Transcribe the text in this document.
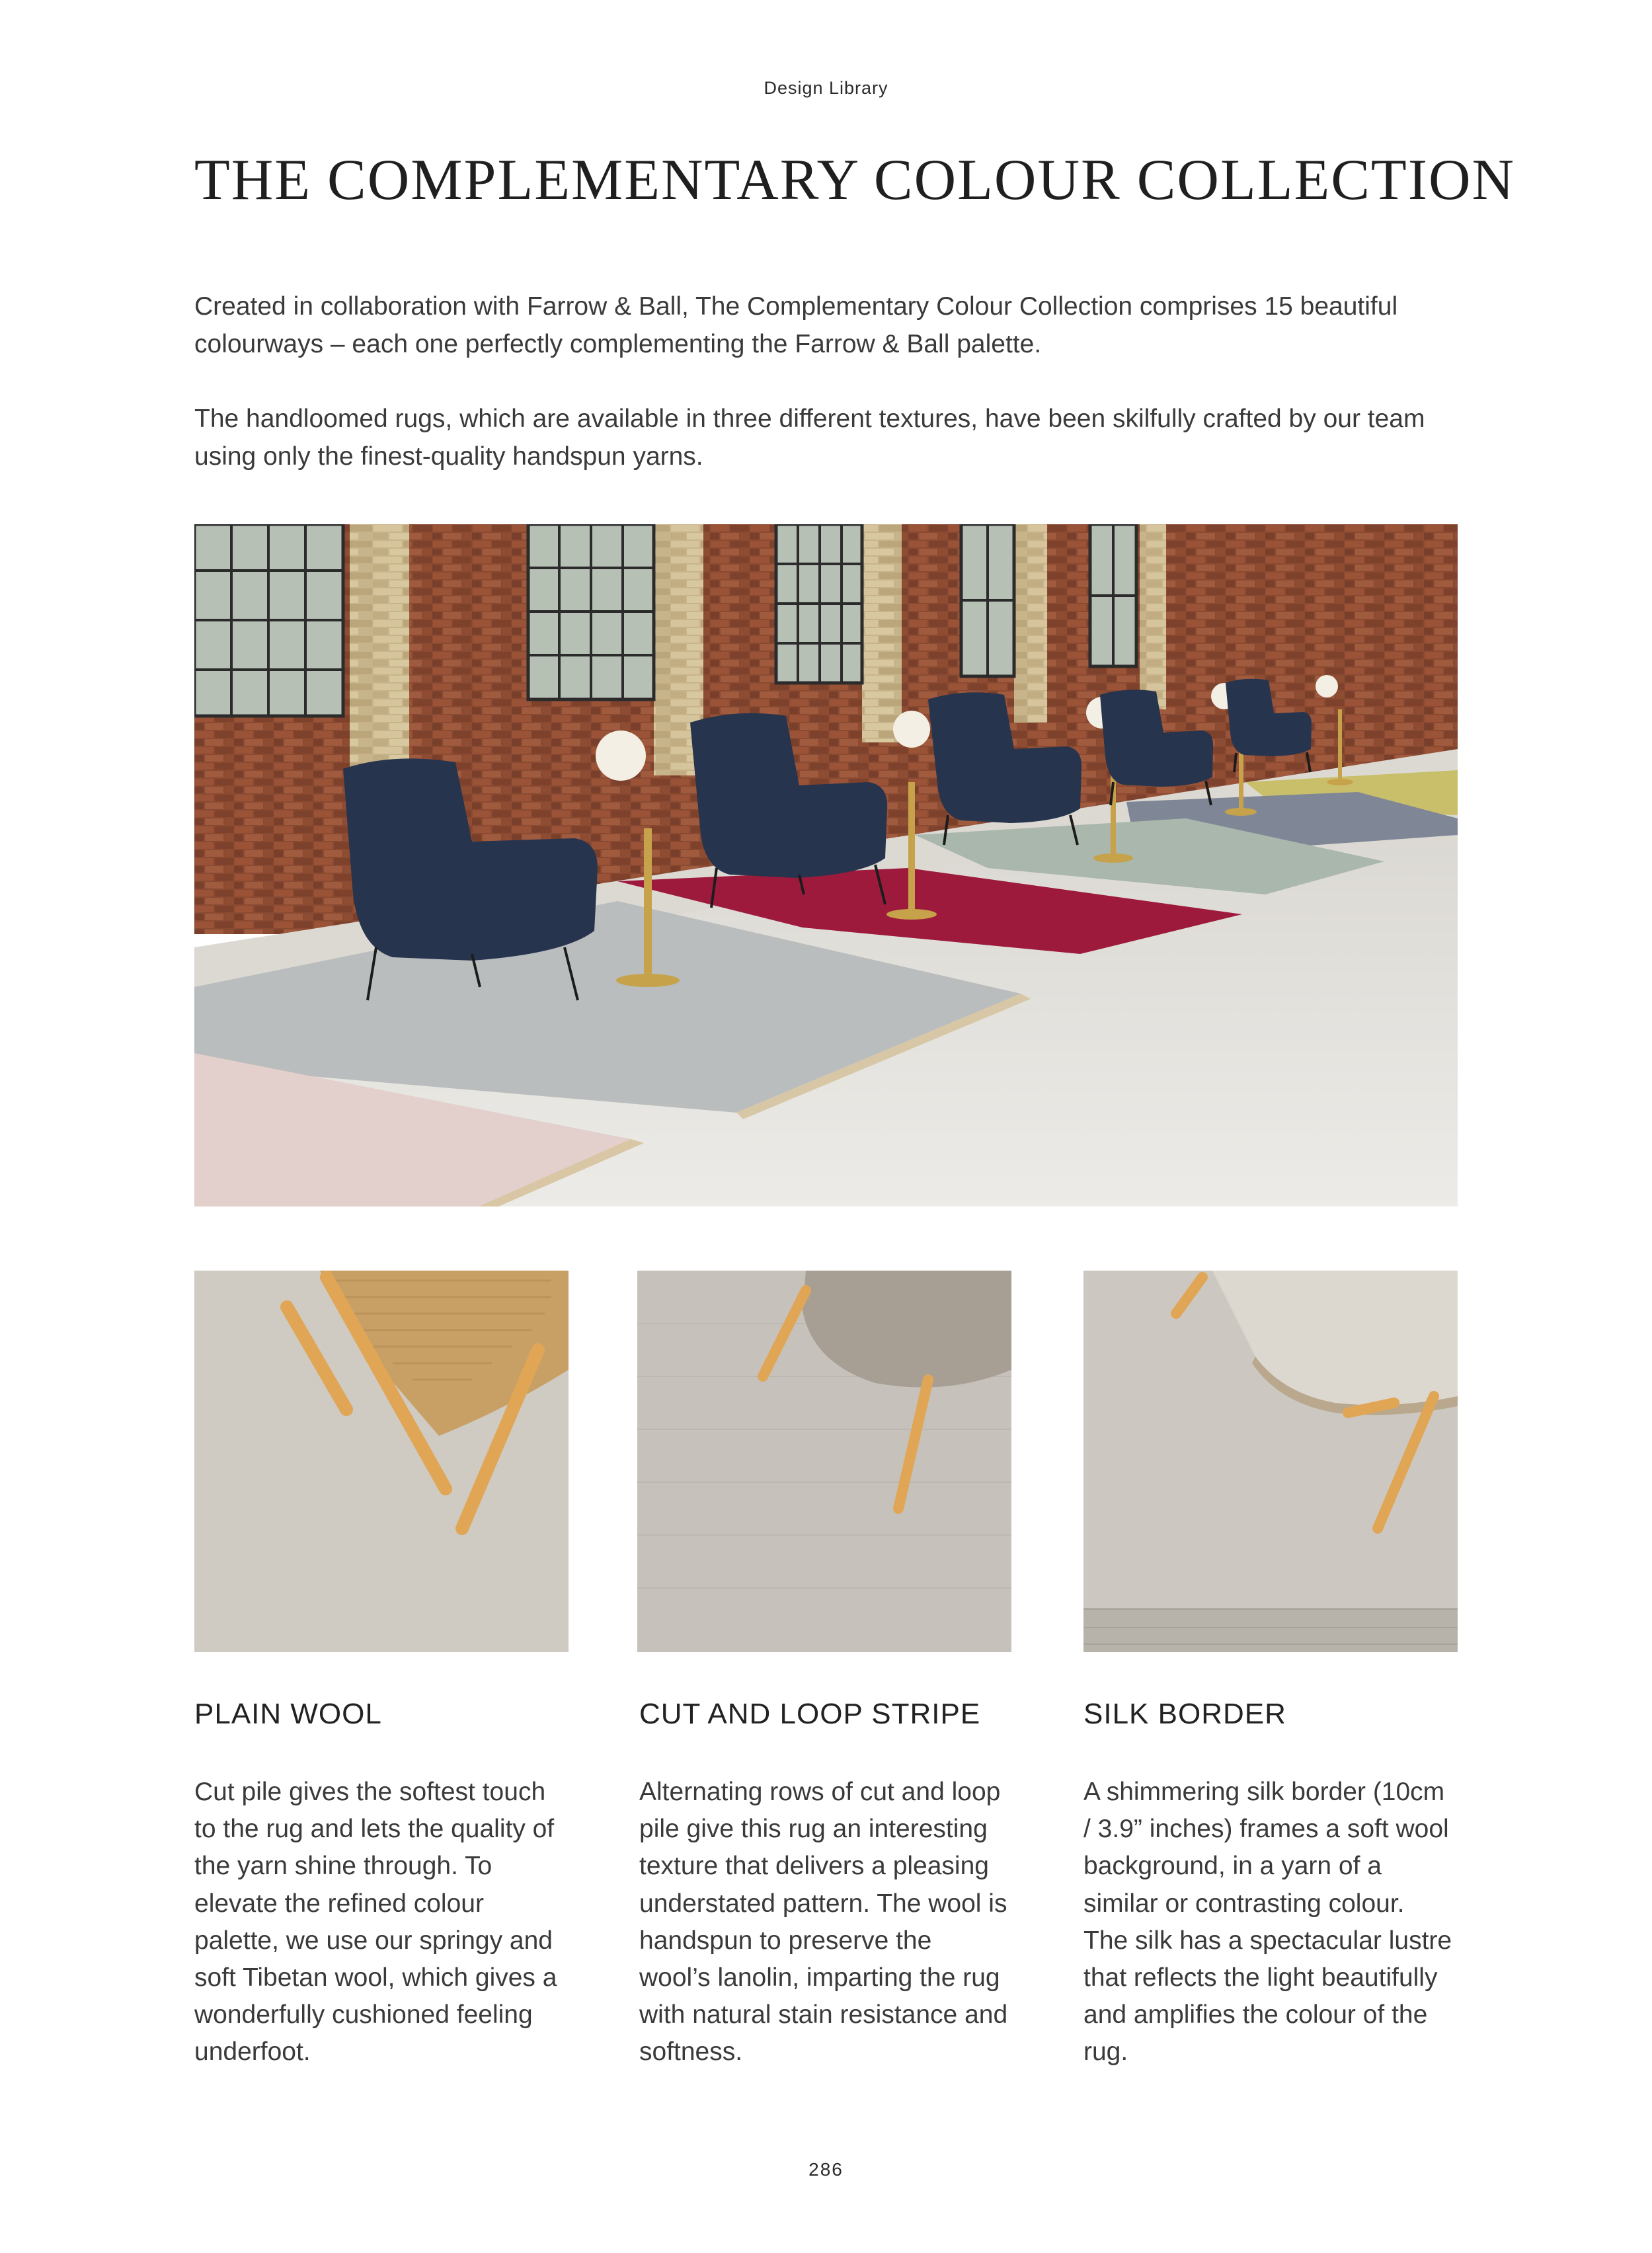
Design Library
THE COMPLEMENTARY COLOUR COLLECTION

Created in collaboration with Farrow & Ball, The Complementary Colour Collection comprises 15 beautiful colourways – each one perfectly complementing the Farrow & Ball palette.

The handloomed rugs, which are available in three different textures, have been skilfully crafted by our team using only the finest-quality handspun yarns.

PLAIN WOOL

Cut pile gives the softest touch to the rug and lets the quality of the yarn shine through. To elevate the refined colour palette, we use our springy and soft Tibetan wool, which gives a wonderfully cushioned feeling underfoot.

CUT AND LOOP STRIPE

Alternating rows of cut and loop pile give this rug an interesting texture that delivers a pleasing understated pattern. The wool is handspun to preserve the wool’s lanolin, imparting the rug with natural stain resistance and softness.

SILK BORDER

A shimmering silk border (10cm / 3.9” inches) frames a soft wool background, in a yarn of a similar or contrasting colour. The silk has a spectacular lustre that reflects the light beautifully and amplifies the colour of the rug.

286
